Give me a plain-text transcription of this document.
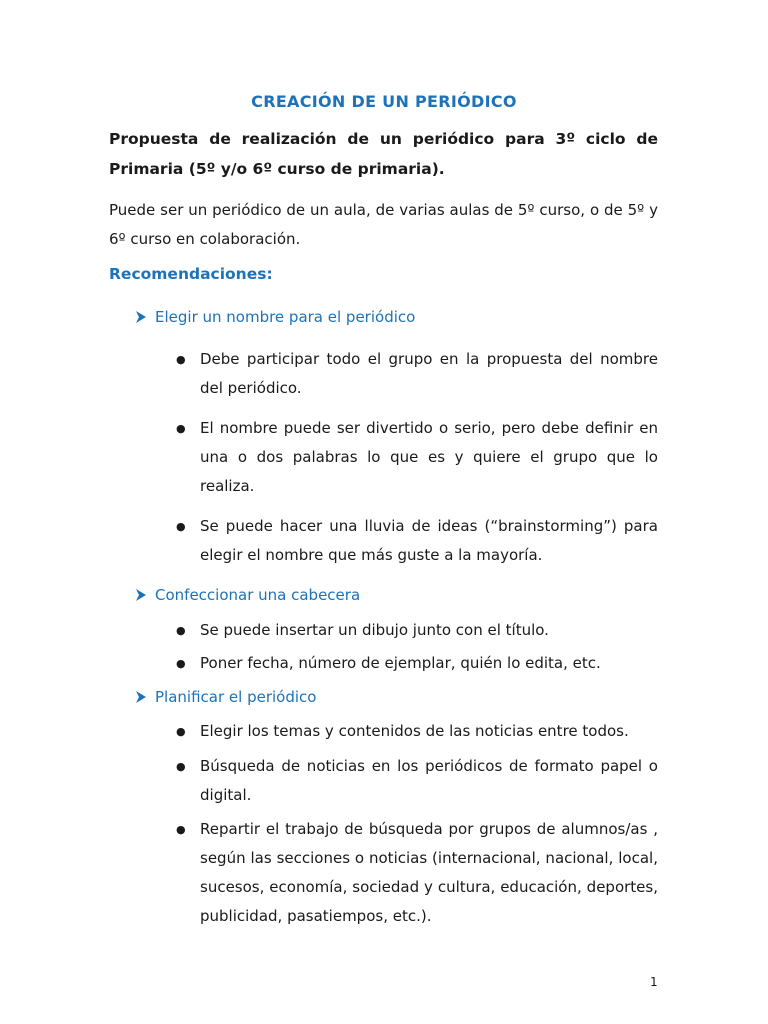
CREACIÓN DE UN PERIÓDICO
Propuesta de realización de un periódico para 3º ciclo de Primaria (5º y/o 6º curso de primaria).
Puede ser un periódico de un aula, de varias aulas de 5º curso, o de 5º y 6º curso en colaboración.
Recomendaciones:
Elegir un nombre para el periódico
● Debe participar todo el grupo en la propuesta del nombre del periódico.
● El nombre puede ser divertido o serio, pero debe definir en una o dos palabras lo que es y quiere el grupo que lo realiza.
● Se puede hacer una lluvia de ideas (“brainstorming”) para elegir el nombre que más guste a la mayoría.
Confeccionar una cabecera
● Se puede insertar un dibujo junto con el título.
● Poner fecha, número de ejemplar, quién lo edita, etc.
Planificar el periódico
● Elegir los temas y contenidos de las noticias entre todos.
● Búsqueda de noticias en los periódicos de formato papel o digital.
● Repartir el trabajo de búsqueda por grupos de alumnos/as , según las secciones o noticias (internacional, nacional, local, sucesos, economía, sociedad y cultura, educación, deportes, publicidad, pasatiempos, etc.).
1
